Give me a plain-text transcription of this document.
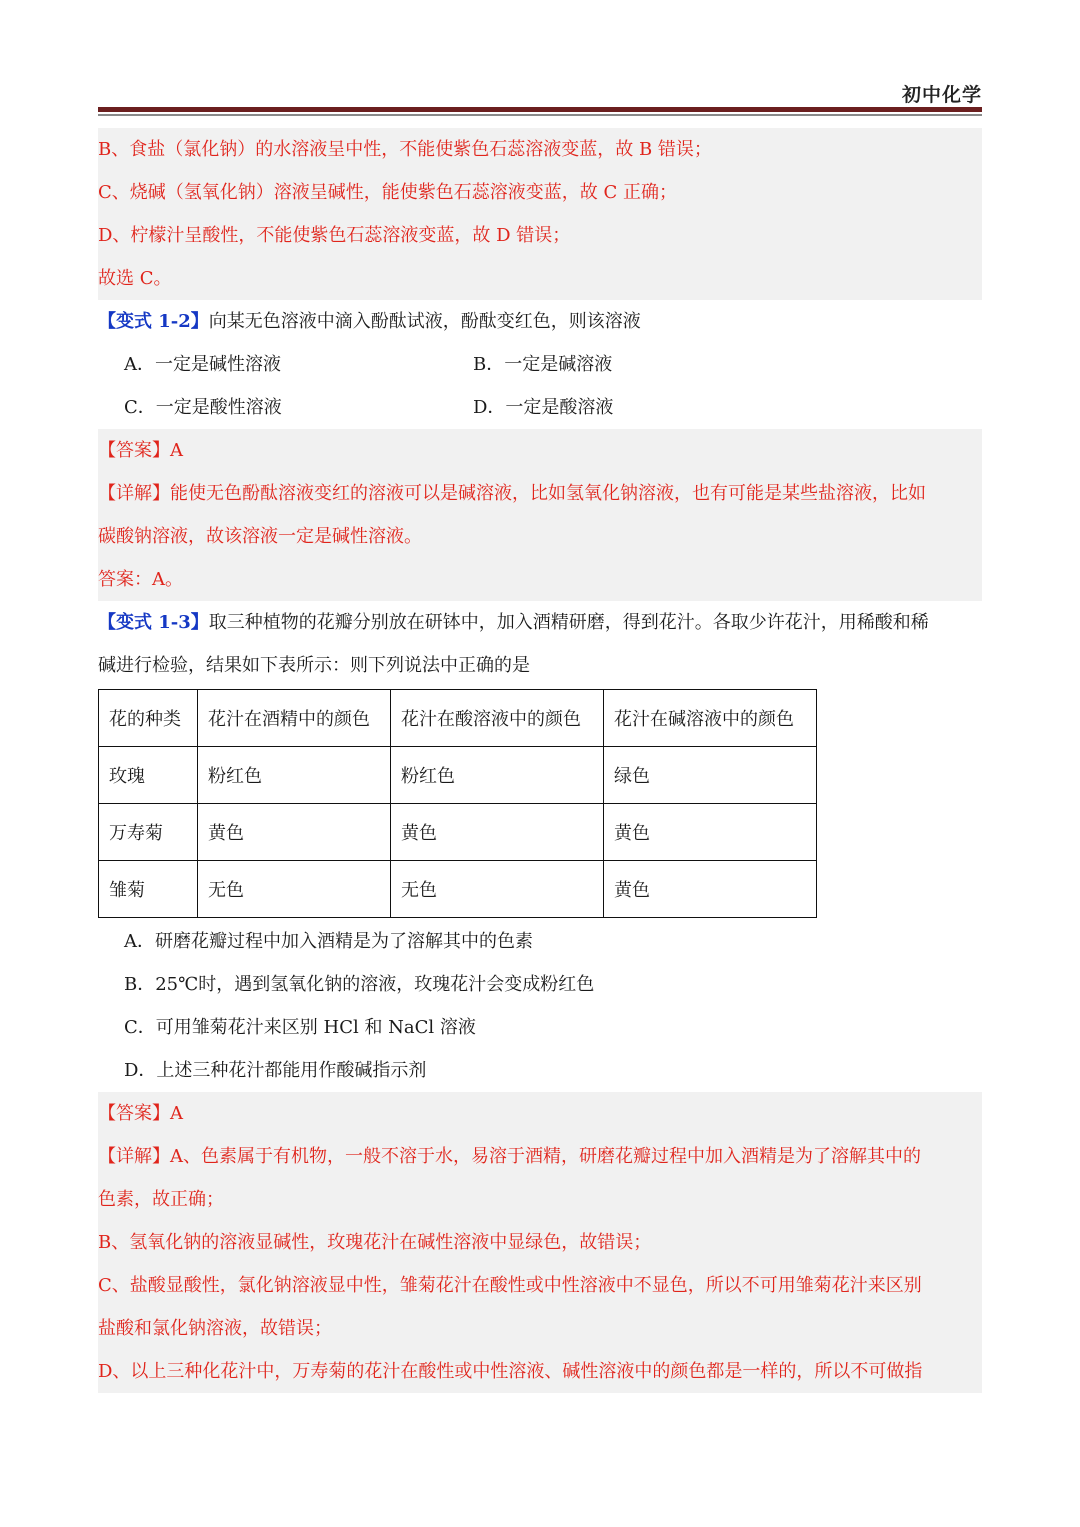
初中化学
B、食盐（氯化钠）的水溶液呈中性，不能使紫色石蕊溶液变蓝，故 B 错误；
C、烧碱（氢氧化钠）溶液呈碱性，能使紫色石蕊溶液变蓝，故 C 正确；
D、柠檬汁呈酸性，不能使紫色石蕊溶液变蓝，故 D 错误；
故选 C。
【变式 1-2】向某无色溶液中滴入酚酞试液，酚酞变红色，则该溶液
A．一定是碱性溶液	B．一定是碱溶液
C．一定是酸性溶液	D．一定是酸溶液
【答案】A
【详解】能使无色酚酞溶液变红的溶液可以是碱溶液，比如氢氧化钠溶液，也有可能是某些盐溶液，比如
碳酸钠溶液，故该溶液一定是碱性溶液。
答案：A。
【变式 1-3】取三种植物的花瓣分别放在研钵中，加入酒精研磨，得到花汁。各取少许花汁，用稀酸和稀
碱进行检验，结果如下表所示：则下列说法中正确的是
花的种类	花汁在酒精中的颜色	花汁在酸溶液中的颜色	花汁在碱溶液中的颜色
玫瑰	粉红色	粉红色	绿色
万寿菊	黄色	黄色	黄色
雏菊	无色	无色	黄色
A．研磨花瓣过程中加入酒精是为了溶解其中的色素
B．25℃时，遇到氢氧化钠的溶液，玫瑰花汁会变成粉红色
C．可用雏菊花汁来区别 HCl 和 NaCl 溶液
D．上述三种花汁都能用作酸碱指示剂
【答案】A
【详解】A、色素属于有机物，一般不溶于水，易溶于酒精，研磨花瓣过程中加入酒精是为了溶解其中的
色素，故正确；
B、氢氧化钠的溶液显碱性，玫瑰花汁在碱性溶液中显绿色，故错误；
C、盐酸显酸性，氯化钠溶液显中性，雏菊花汁在酸性或中性溶液中不显色，所以不可用雏菊花汁来区别
盐酸和氯化钠溶液，故错误；
D、以上三种化花汁中，万寿菊的花汁在酸性或中性溶液、碱性溶液中的颜色都是一样的，所以不可做指
